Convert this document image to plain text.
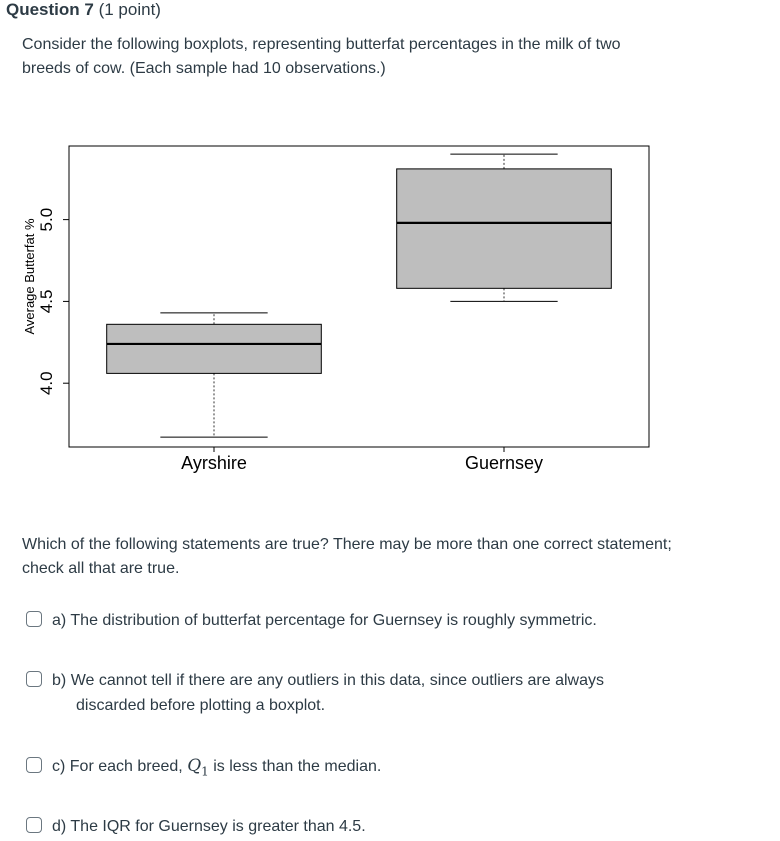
Question 7 (1 point)
Consider the following boxplots, representing butterfat percentages in the milk of two breeds of cow. (Each sample had 10 observations.)
4.0
4.5
5.0
Average Butterfat %
Ayrshire	Guernsey
Which of the following statements are true? There may be more than one correct statement; check all that are true.
a) The distribution of butterfat percentage for Guernsey is roughly symmetric.
b) We cannot tell if there are any outliers in this data, since outliers are always
discarded before plotting a boxplot.
c) For each breed, $Q_1$ is less than the median.
d) The IQR for Guernsey is greater than 4.5.
